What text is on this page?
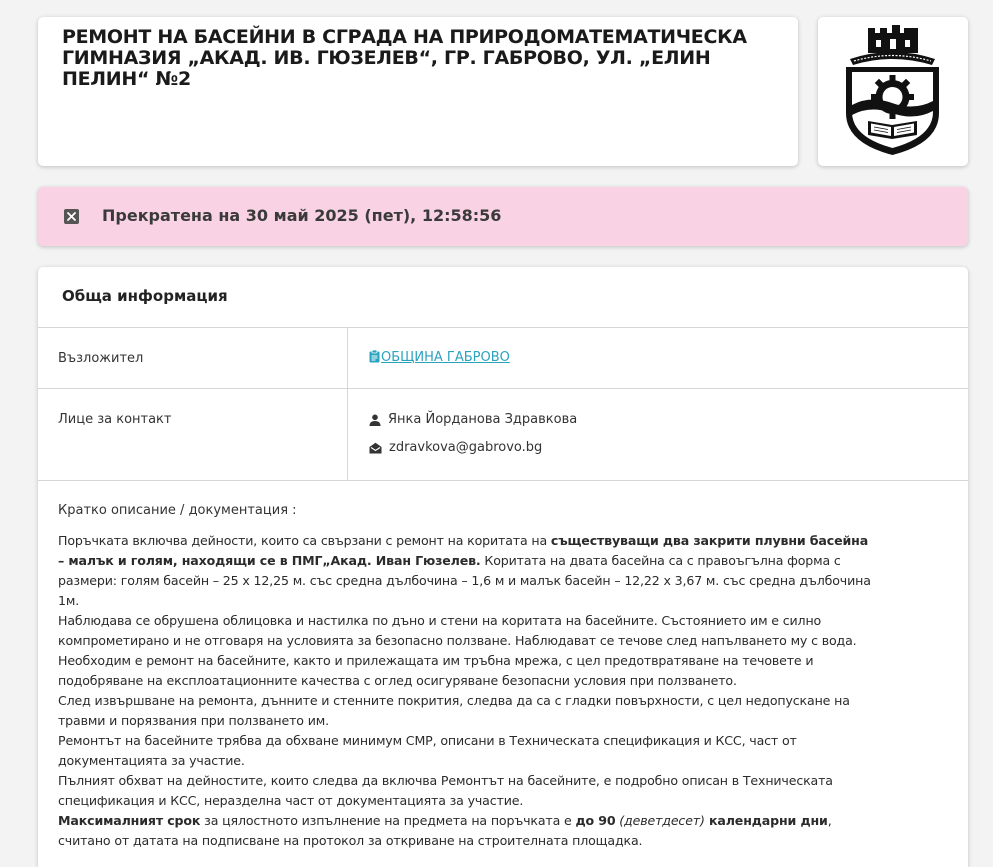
РЕМОНТ НА БАСЕЙНИ В СГРАДА НА ПРИРОДОМАТЕМАТИЧЕСКА ГИМНАЗИЯ „АКАД. ИВ. ГЮЗЕЛЕВ“, ГР. ГАБРОВО, УЛ. „ЕЛИН ПЕЛИН“ №2
Прекратена на 30 май 2025 (пет), 12:58:56
Обща информация
Възложител	ОБЩИНА ГАБРОВО
Лице за контакт	Янка Йорданова Здравкова
zdravkova@gabrovo.bg
Кратко описание / документация :

Поръчката включва дейности, които са свързани с ремонт на коритата на съществуващи два закрити плувни басейна – малък и голям, находящи се в ПМГ„Акад. Иван Гюзелев. Коритата на двата басейна са с правоъгълна форма с размери: голям басейн – 25 х 12,25 м. със средна дълбочина – 1,6 м и малък басейн – 12,22 х 3,67 м. със средна дълбочина 1м.

Наблюдава се обрушена облицовка и настилка по дъно и стени на коритата на басейните. Състоянието им е силно компрометирано и не отговаря на условията за безопасно ползване. Наблюдават се течове след напълването му с вода.

Необходим е ремонт на басейните, както и прилежащата им тръбна мрежа, с цел предотвратяване на течовете и подобряване на експлоатационните качества с оглед осигуряване безопасни условия при ползването.

След извършване на ремонта, дъннитe и стенните покрития, следва да са с гладки повърхности, с цел недопускане на травми и порязвания при ползването им.

Ремонтът на басейните трябва да обхване минимум СМР, описани в Техническата спецификация и КСС, част от документацията за участие.

Пълният обхват на дейностите, които следва да включва Ремонтът на басейните, е подробно описан в Техническата спецификация и КСС, неразделна част от документацията за участие.

Максималният срок за цялостното изпълнение на предмета на поръчката е до 90 (деветдесет) календарни дни, считано от датата на подписване на протокол за откриване на строителната площадка.
